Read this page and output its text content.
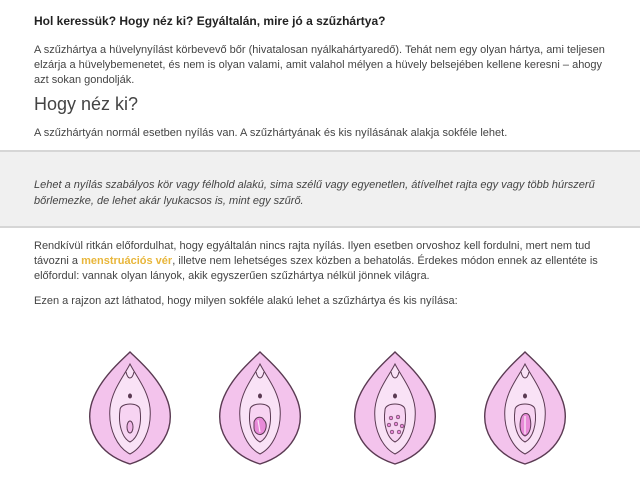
Hol keressük? Hogy néz ki? Egyáltalán, mire jó a szűzhártya?

A szűzhártya a hüvelynyílást körbevevő bőr (hivatalosan nyálkahártyaredő). Tehát nem egy olyan hártya, ami teljesen elzárja a hüvelybemenetet, és nem is olyan valami, amit valahol mélyen a hüvely belsejében kellene keresni – ahogy azt sokan gondolják.

Hogy néz ki?

A szűzhártyán normál esetben nyílás van. A szűzhártyának és kis nyílásának alakja sokféle lehet.

Lehet a nyílás szabályos kör vagy félhold alakú, sima szélű vagy egyenetlen, átívelhet rajta egy vagy több húrszerű bőrlemezke, de lehet akár lyukacsos is, mint egy szűrő.

Rendkívül ritkán előfordulhat, hogy egyáltalán nincs rajta nyílás. Ilyen esetben orvoshoz kell fordulni, mert nem tud távozni a menstruációs vér, illetve nem lehetséges szex közben a behatolás. Érdekes módon ennek az ellentéte is előfordul: vannak olyan lányok, akik egyszerűen szűzhártya nélkül jönnek világra.

Ezen a rajzon azt láthatod, hogy milyen sokféle alakú lehet a szűzhártya és kis nyílása:
